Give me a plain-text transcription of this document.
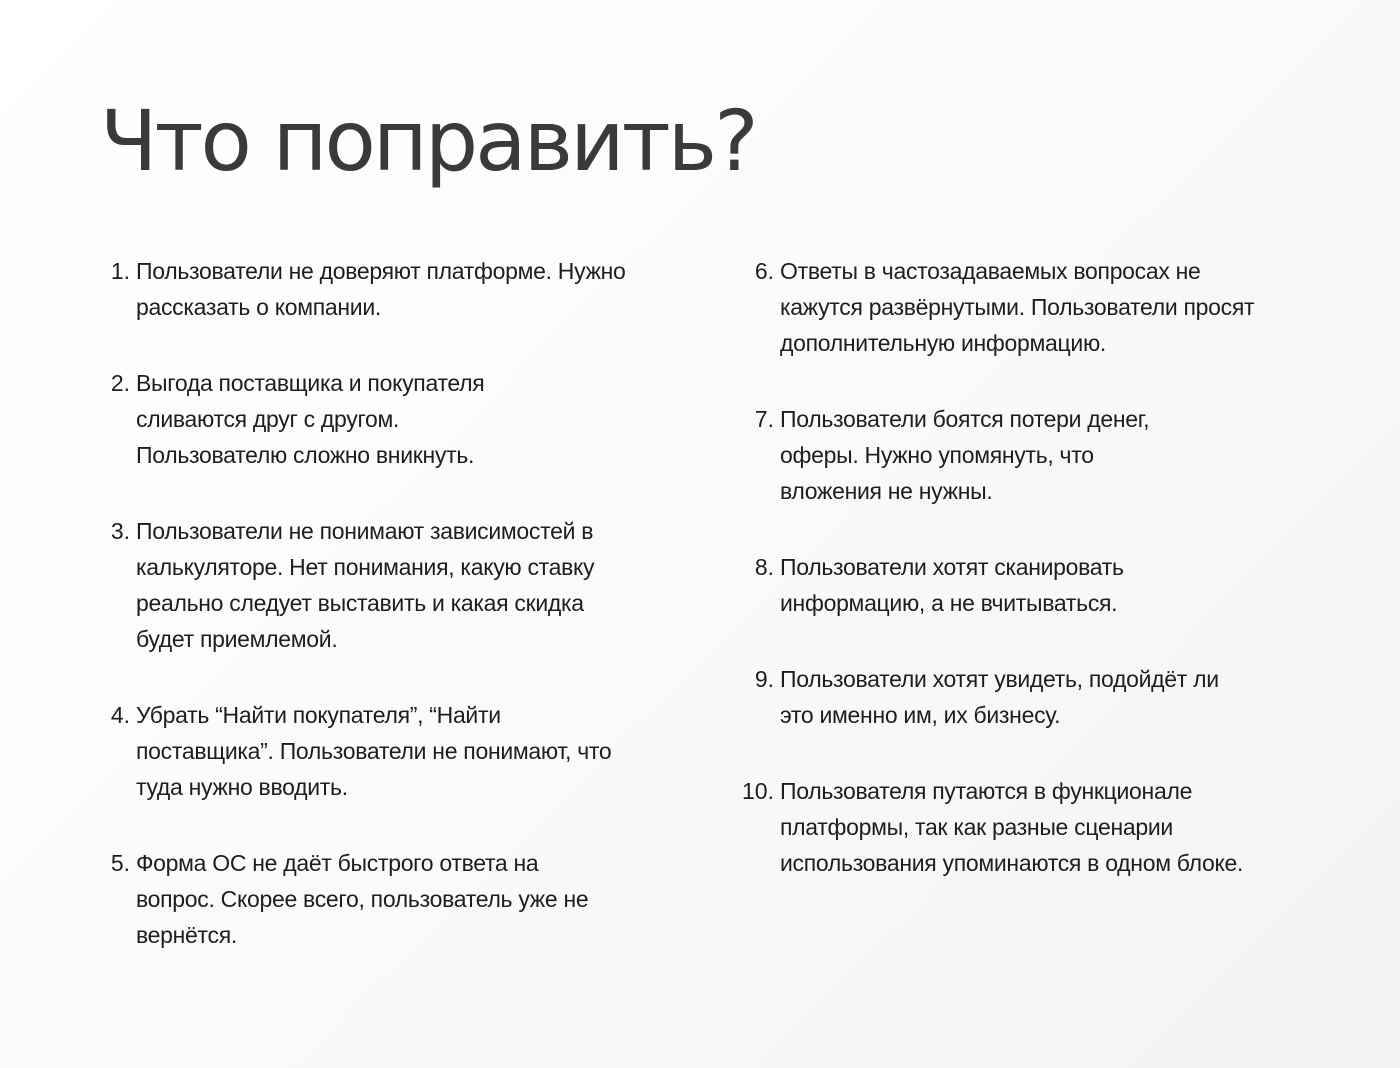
Что поправить?
1. Пользователи не доверяют платформе. Нужно
рассказать о компании.
2. Выгода поставщика и покупателя
сливаются друг с другом.
Пользователю сложно вникнуть.
3. Пользователи не понимают зависимостей в
калькуляторе. Нет понимания, какую ставку
реально следует выставить и какая скидка
будет приемлемой.
4. Убрать “Найти покупателя”, “Найти
поставщика”. Пользователи не понимают, что
туда нужно вводить.
5. Форма ОС не даёт быстрого ответа на
вопрос. Скорее всего, пользователь уже не
вернётся.
6. Ответы в частозадаваемых вопросах не
кажутся развёрнутыми. Пользователи просят
дополнительную информацию.
7. Пользователи боятся потери денег,
оферы. Нужно упомянуть, что
вложения не нужны.
8. Пользователи хотят сканировать
информацию, а не вчитываться.
9. Пользователи хотят увидеть, подойдёт ли
это именно им, их бизнесу.
10. Пользователя путаются в функционале
платформы, так как разные сценарии
использования упоминаются в одном блоке.
